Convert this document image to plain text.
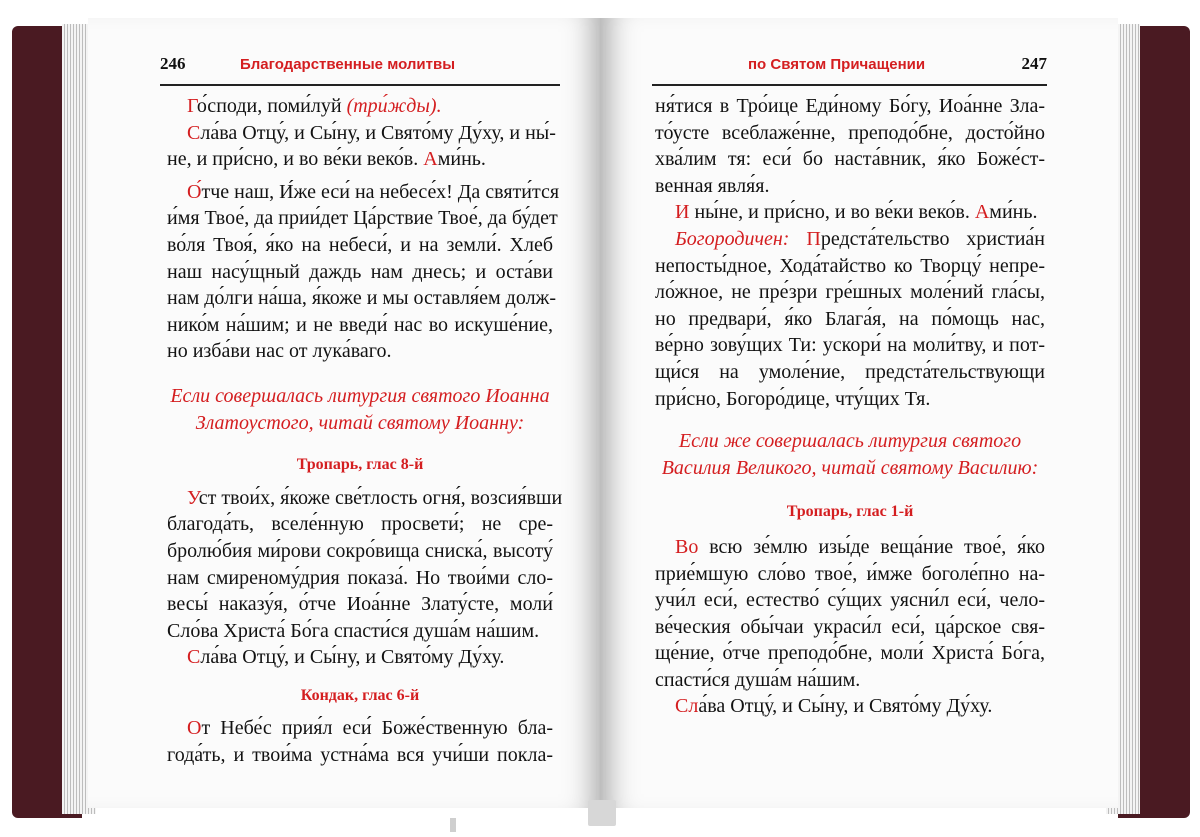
246	Благодарственные молитвы	по Святом Причащении	247

Го́споди, поми́луй (три́жды).

Сла́ва Отцу́, и Сы́ну, и Свято́му Ду́ху, и ны́-
не, и при́сно, и во ве́ки веко́в. Ами́нь.

О́тче наш, И́же еси́ на небесе́х! Да святи́тся
и́мя Твое́, да прии́дет Ца́рствие Твое́, да бу́дет
во́ля Твоя́, я́ко на небеси́, и на земли́. Хлеб
наш насу́щный даждь нам днесь; и оста́ви
нам до́лги на́ша, я́коже и мы оставля́ем долж-
нико́м на́шим; и не введи́ нас во искуше́ние,
но изба́ви нас от лука́ваго.

Если совершалась литургия святого Иоанна
Златоустого, читай святому Иоанну:

Тропарь, глас 8-й

Уст твои́х, я́коже све́тлость огня́, возсия́вши
благода́ть, вселе́нную просвети́; не сре-
бролю́бия ми́рови сокро́вища сниска́, высоту́
нам смиреному́дрия показа́. Но твои́ми сло-
весы́ наказу́я, о́тче Иоа́нне Злату́сте, моли́
Сло́ва Христа́ Бо́га спасти́ся душа́м на́шим.

Сла́ва Отцу́, и Сы́ну, и Свято́му Ду́ху.

Кондак, глас 6-й

От Небе́с прия́л еси́ Боже́ственную бла-
года́ть, и твои́ма устна́ма вся учи́ши покла-

ня́тися в Тро́ице Еди́ному Бо́гу, Иоа́нне Зла-
то́усте всеблаже́нне, преподо́бне, досто́йно
хва́лим тя: еси́ бо наста́вник, я́ко Боже́ст-
венная явля́я.

И ны́не, и при́сно, и во ве́ки веко́в. Ами́нь.

Богородичен: Предста́тельство христиа́н
непосты́дное, Хода́тайство ко Творцу́ непре-
ло́жное, не пре́зри гре́шных моле́ний гла́сы,
но предвари́, я́ко Блага́я, на по́мощь нас,
ве́рно зову́щих Ти: ускори́ на моли́тву, и пот-
щи́ся на умоле́ние, предста́тельствующи
при́сно, Богоро́дице, чту́щих Тя.

Если же совершалась литургия святого
Василия Великого, читай святому Василию:

Тропарь, глас 1-й

Во всю зе́млю изы́де веща́ние твое́, я́ко
прие́мшую сло́во твое́, и́мже боголе́пно на-
учи́л еси́, естество́ су́щих уясни́л еси́, чело-
ве́ческия обы́чаи украси́л еси́, ца́рское свя-
ще́ние, о́тче преподо́бне, моли́ Христа́ Бо́га,
спасти́ся душа́м на́шим.

Сла́ва Отцу́, и Сы́ну, и Свято́му Ду́ху.
